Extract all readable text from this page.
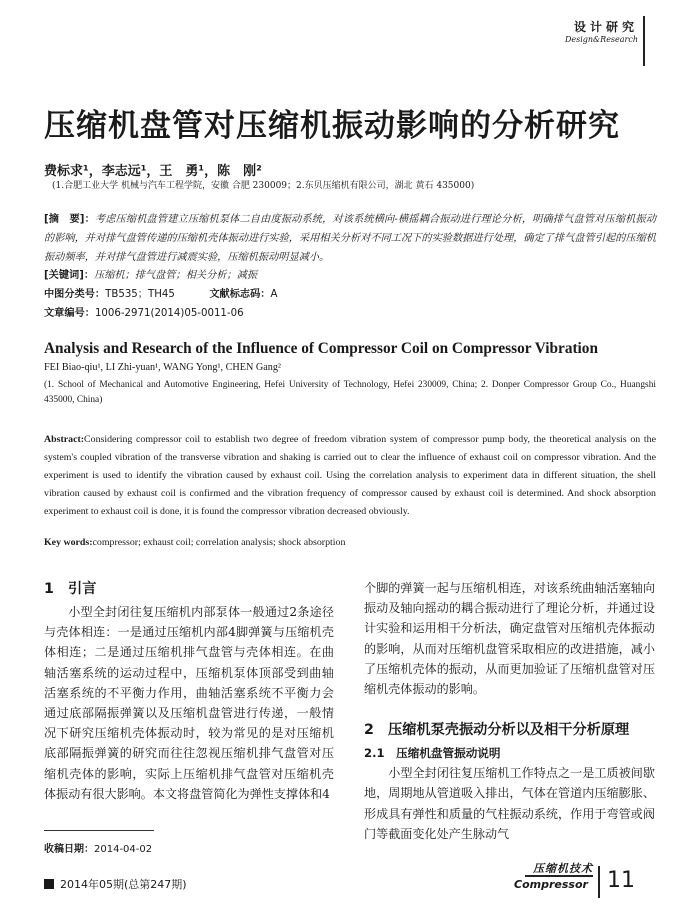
设计研究
Design&Research
压缩机盘管对压缩机振动影响的分析研究
费标求¹，李志远¹，王　勇¹，陈　刚²
(1.合肥工业大学 机械与汽车工程学院，安徽 合肥 230009；2.东贝压缩机有限公司，湖北 黄石 435000)
[摘　要]：考虑压缩机盘管建立压缩机泵体二自由度振动系统，对该系统横向-横摇耦合振动进行理论分析，明确排气盘管对压缩机振动的影响，并对排气盘管传递的压缩机壳体振动进行实验，采用相关分析对不同工况下的实验数据进行处理，确定了排气盘管引起的压缩机振动频率，并对排气盘管进行减震实验，压缩机振动明显减小。
[关键词]：压缩机；排气盘管；相关分析；减振
中图分类号：TB535；TH45	文献标志码：A
文章编号：1006-2971(2014)05-0011-06
Analysis and Research of the Influence of Compressor Coil on Compressor Vibration
FEI Biao-qiu¹, LI Zhi-yuan¹, WANG Yong¹, CHEN Gang²
(1. School of Mechanical and Automotive Engineering, Hefei University of Technology, Hefei 230009, China; 2. Donper Compressor Group Co., Huangshi 435000, China)
Abstract:Considering compressor coil to establish two degree of freedom vibration system of compressor pump body, the theoretical analysis on the system's coupled vibration of the transverse vibration and shaking is carried out to clear the influence of exhaust coil on compressor vibration. And the experiment is used to identify the vibration caused by exhaust coil. Using the correlation analysis to experiment data in different situation, the shell vibration caused by exhaust coil is confirmed and the vibration frequency of compressor caused by exhaust coil is determined. And shock absorption experiment to exhaust coil is done, it is found the compressor vibration decreased obviously.
Key words:compressor; exhaust coil; correlation analysis; shock absorption
1　引言

小型全封闭往复压缩机内部泵体一般通过2条途径与壳体相连：一是通过压缩机内部4脚弹簧与压缩机壳体相连；二是通过压缩机排气盘管与壳体相连。在曲轴活塞系统的运动过程中，压缩机泵体顶部受到曲轴活塞系统的不平衡力作用，曲轴活塞系统不平衡力会通过底部隔振弹簧以及压缩机盘管进行传递，一般情况下研究压缩机壳体振动时，较为常见的是对压缩机底部隔振弹簧的研究而往往忽视压缩机排气盘管对压缩机壳体的影响，实际上压缩机排气盘管对压缩机壳体振动有很大影响。本文将盘管简化为弹性支撑体和4

个脚的弹簧一起与压缩机相连，对该系统曲轴活塞轴向振动及轴向摇动的耦合振动进行了理论分析，并通过设计实验和运用相干分析法，确定盘管对压缩机壳体振动的影响，从而对压缩机盘管采取相应的改进措施，减小了压缩机壳体的振动，从而更加验证了压缩机盘管对压缩机壳体振动的影响。

2　压缩机泵壳振动分析以及相干分析原理
2.1　压缩机盘管振动说明

小型全封闭往复压缩机工作特点之一是工质被间歇地，周期地从管道吸入排出，气体在管道内压缩膨胀、形成具有弹性和质量的气柱振动系统，作用于弯管或阀门等截面变化处产生脉动气

收稿日期：2014-04-02
2014年05期(总第247期)
压缩机技术
Compressor 11
